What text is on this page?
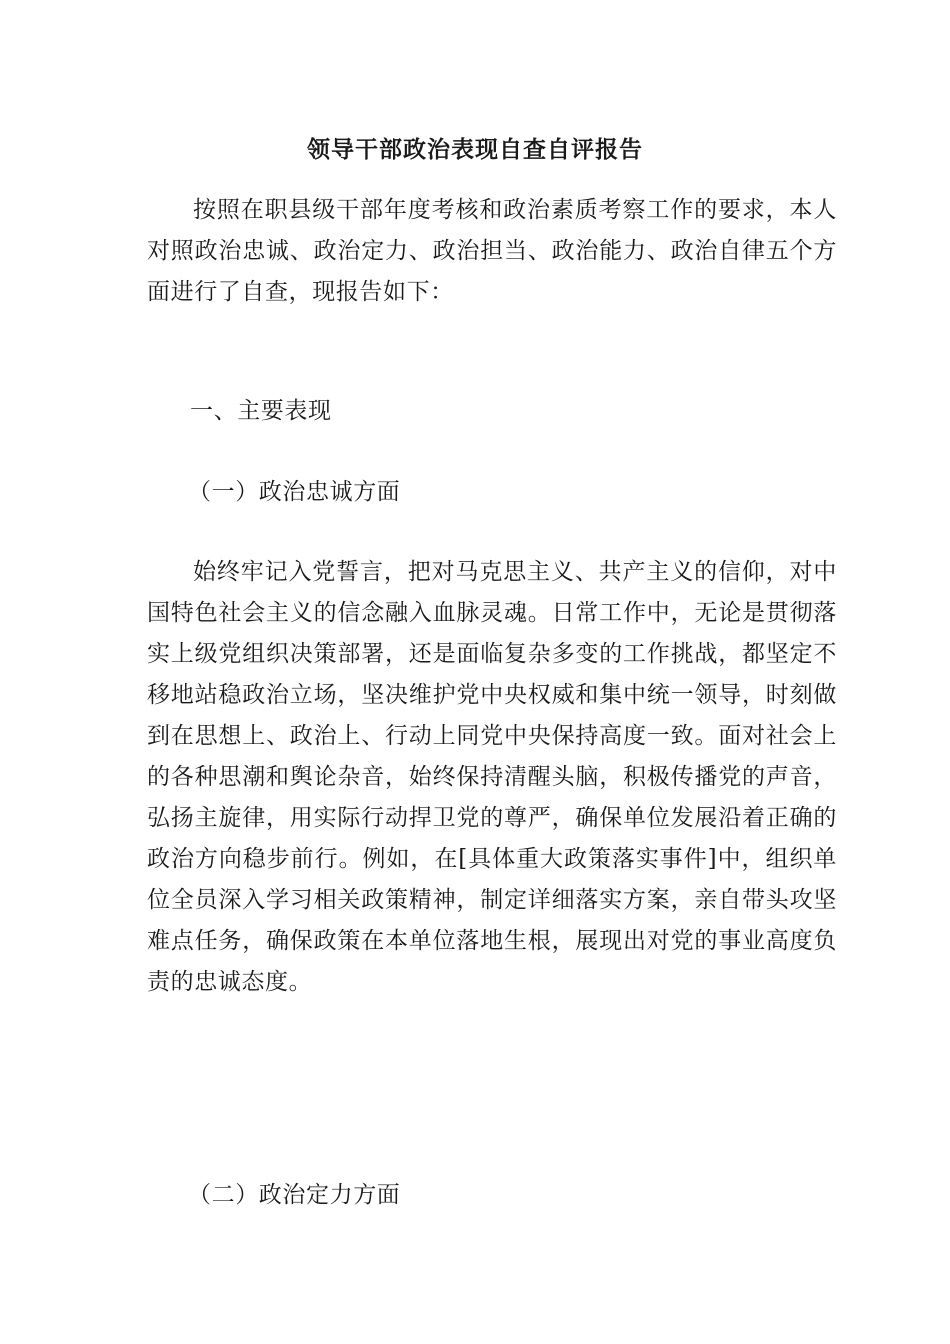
领导干部政治表现自查自评报告

按照在职县级干部年度考核和政治素质考察工作的要求，本人对照政治忠诚、政治定力、政治担当、政治能力、政治自律五个方面进行了自查，现报告如下：

一、主要表现

（一）政治忠诚方面

始终牢记入党誓言，把对马克思主义、共产主义的信仰，对中国特色社会主义的信念融入血脉灵魂。日常工作中，无论是贯彻落实上级党组织决策部署，还是面临复杂多变的工作挑战，都坚定不移地站稳政治立场，坚决维护党中央权威和集中统一领导，时刻做到在思想上、政治上、行动上同党中央保持高度一致。面对社会上的各种思潮和舆论杂音，始终保持清醒头脑，积极传播党的声音，弘扬主旋律，用实际行动捍卫党的尊严，确保单位发展沿着正确的政治方向稳步前行。例如，在[具体重大政策落实事件]中，组织单位全员深入学习相关政策精神，制定详细落实方案，亲自带头攻坚难点任务，确保政策在本单位落地生根，展现出对党的事业高度负责的忠诚态度。

（二）政治定力方面
